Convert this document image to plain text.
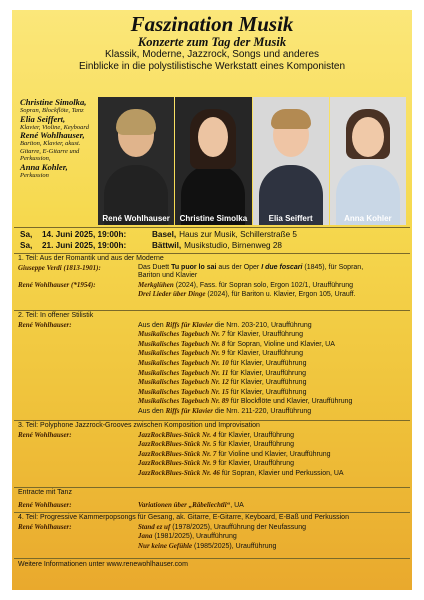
Faszination Musik
Konzerte zum Tag der Musik
Klassik, Moderne, Jazzrock, Songs und anderes
Einblicke in die polystilistische Werkstatt eines Komponisten
Christine Simolka,
Sopran, Blockflöte, Tanz
Elia Seiffert,
Klavier, Violine, Keyboard
René Wohlhauser,
Bariton, Klavier, akust. Gitarre, E-Gitarre und Perkussion,
Anna Kohler,
Perkussion
René Wohlhauser	Christine Simolka	Elia Seiffert	Anna Kohler
Sa,	14. Juni 2025, 19:00h:	Basel, Haus zur Musik, Schillerstraße 5
Sa,	21. Juni 2025, 19:00h:	Bättwil, Musikstudio, Birnenweg 28
1. Teil: Aus der Romantik und aus der Moderne
Giuseppe Verdi (1813-1901):	Das Duett Tu puor lo sai aus der Oper I due foscari (1845), für Sopran,
Bariton und Klavier
René Wohlhauser (*1954):	Merkglühen (2024), Fass. für Sopran solo, Ergon 102/1, Uraufführung
Drei Lieder über Dinge (2024), für Bariton u. Klavier, Ergon 105, Urauff.
2. Teil: In offener Stilistik
René Wohlhauser:	Aus den Riffs für Klavier die Nrn. 203-210, Uraufführung
Musikalisches Tagebuch Nr. 7 für Klavier, Uraufführung
Musikalisches Tagebuch Nr. 8 für Sopran, Violine und Klavier, UA
Musikalisches Tagebuch Nr. 9 für Klavier, Uraufführung
Musikalisches Tagebuch Nr. 10 für Klavier, Uraufführung
Musikalisches Tagebuch Nr. 11 für Klavier, Uraufführung
Musikalisches Tagebuch Nr. 12 für Klavier, Uraufführung
Musikalisches Tagebuch Nr. 15 für Klavier, Uraufführung
Musikalisches Tagebuch Nr. 89 für Blockflöte und Klavier, Uraufführung
Aus den Riffs für Klavier die Nrn. 211-220, Uraufführung
3. Teil: Polyphone Jazzrock-Grooves zwischen Komposition und Improvisation
René Wohlhauser:	JazzRockBlues-Stück Nr. 4 für Klavier, Uraufführung
JazzRockBlues-Stück Nr. 5 für Klavier, Uraufführung
JazzRockBlues-Stück Nr. 7 für Violine und Klavier, Uraufführung
JazzRockBlues-Stück Nr. 9 für Klavier, Uraufführung
JazzRockBlues-Stück Nr. 46 für Sopran, Klavier und Perkussion, UA
Entracte mit Tanz
René Wohlhauser:	Variationen über „Räbeliechtli“, UA
4. Teil: Progressive Kammerpopsongs für Gesang, ak. Gitarre, E-Gitarre, Keyboard, E-Baß und Perkussion
René Wohlhauser:	Stand ez uf (1978/2025), Uraufführung der Neufassung
Jana (1981/2025), Uraufführung
Nur keine Gefühle (1985/2025), Uraufführung
Weitere Informationen unter www.renewohlhauser.com
